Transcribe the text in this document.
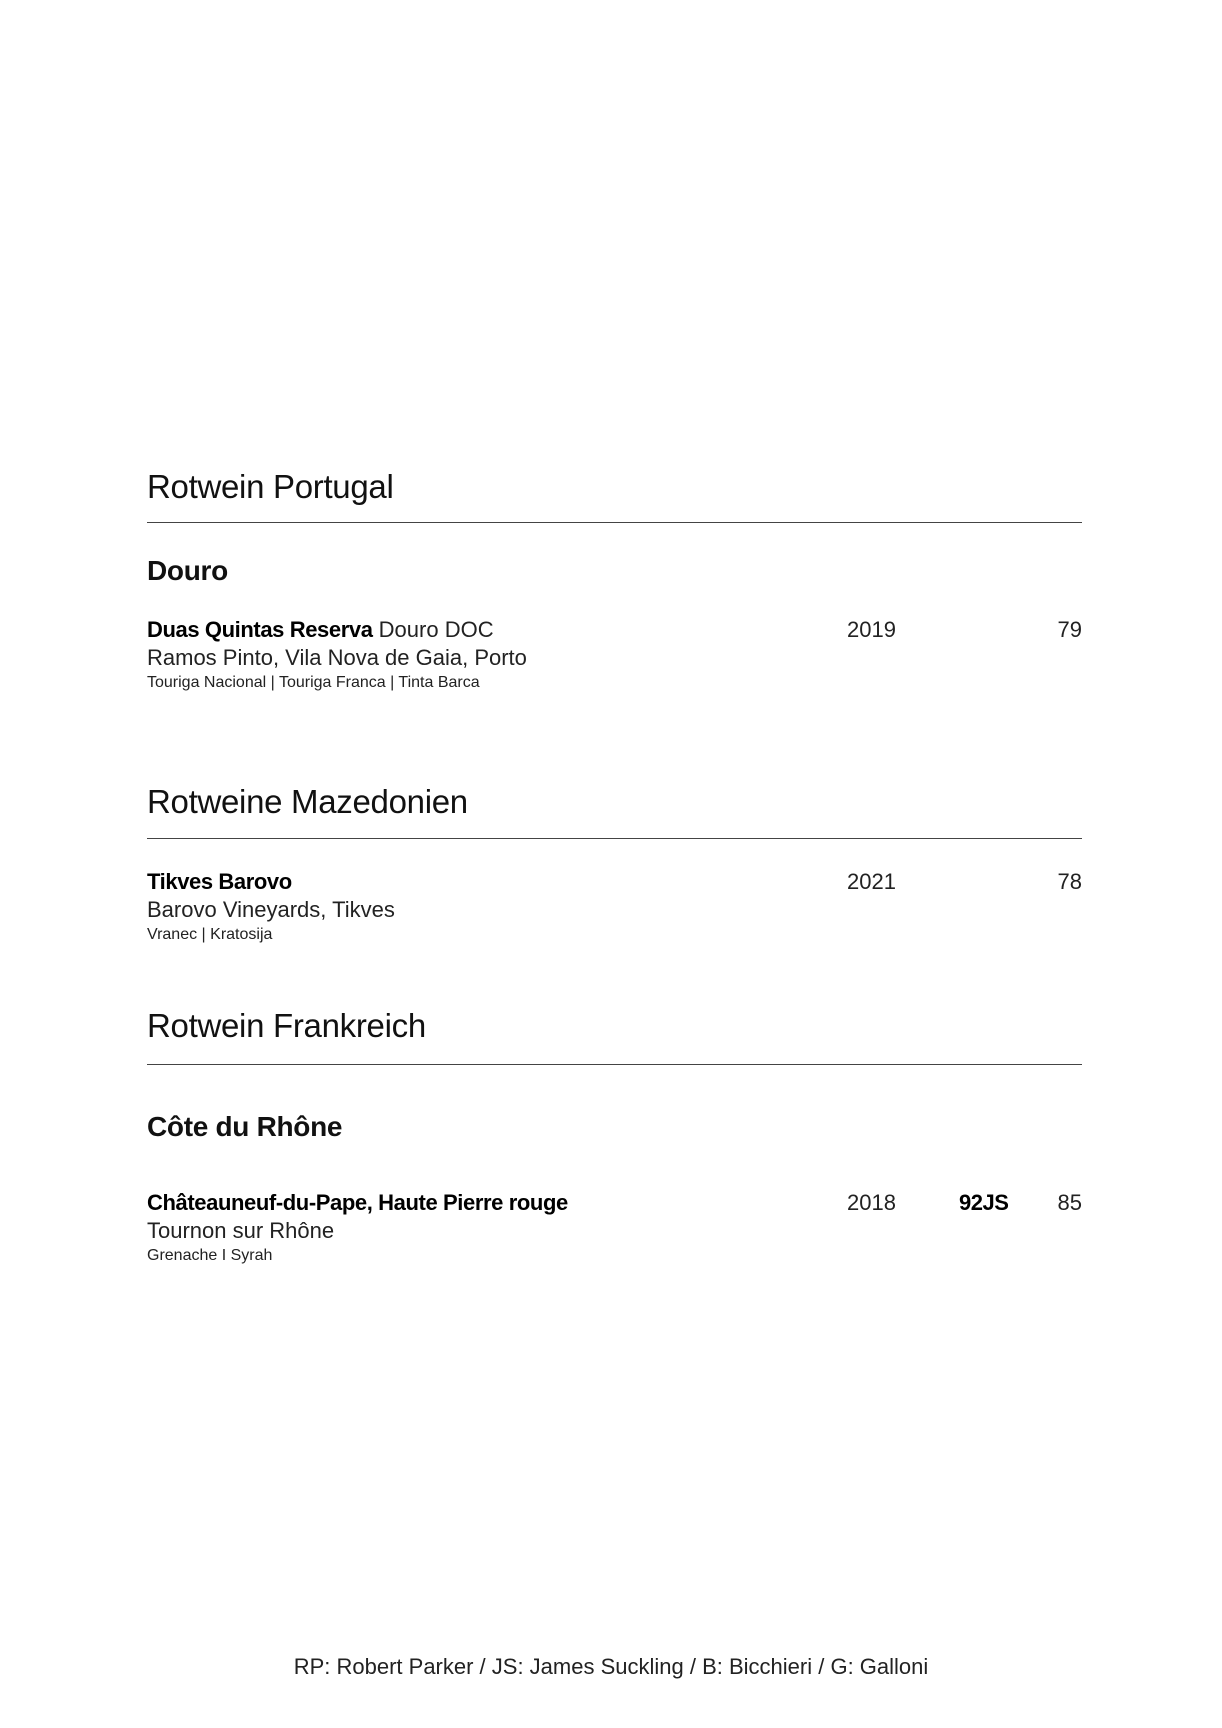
Rotwein Portugal
Douro
Duas Quintas Reserva Douro DOC
Ramos Pinto, Vila Nova de Gaia, Porto
Touriga Nacional | Touriga Franca | Tinta Barca
2019	79
Rotweine Mazedonien
Tikves Barovo
Barovo Vineyards, Tikves
Vranec | Kratosija
2021	78
Rotwein Frankreich
Côte du Rhône
Châteauneuf-du-Pape, Haute Pierre rouge
Tournon sur Rhône
Grenache I Syrah
2018	92JS 85
RP: Robert Parker / JS: James Suckling / B: Bicchieri / G: Galloni
